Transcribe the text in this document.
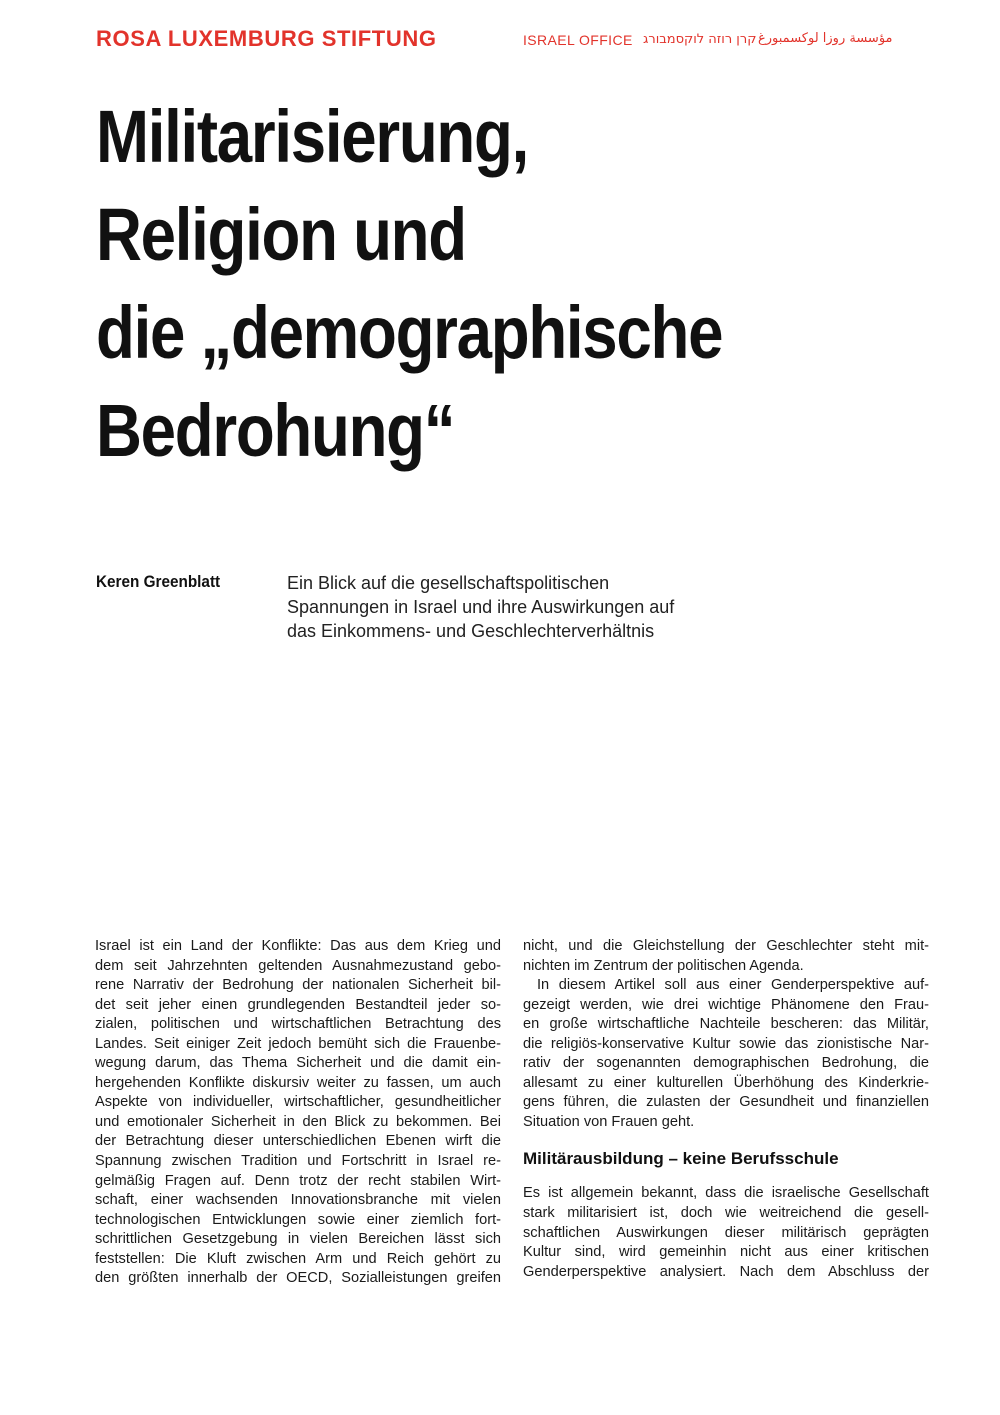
ROSA LUXEMBURG STIFTUNG	ISRAEL OFFICE קרן רוזה לוקסמבורג مؤسسة روزا لوكسمبورغ
Militarisierung,
Religion und
die „demographische
Bedrohung“
Keren Greenblatt	Ein Blick auf die gesellschaftspolitischen
Spannungen in Israel und ihre Auswirkungen auf
das Einkommens- und Geschlechterverhältnis
Israel ist ein Land der Konflikte: Das aus dem Krieg und
dem seit Jahrzehnten geltenden Ausnahmezustand gebo-
rene Narrativ der Bedrohung der nationalen Sicherheit bil-
det seit jeher einen grundlegenden Bestandteil jeder so-
zialen, politischen und wirtschaftlichen Betrachtung des
Landes. Seit einiger Zeit jedoch bemüht sich die Frauenbe-
wegung darum, das Thema Sicherheit und die damit ein-
hergehenden Konflikte diskursiv weiter zu fassen, um auch
Aspekte von individueller, wirtschaftlicher, gesundheitlicher
und emotionaler Sicherheit in den Blick zu bekommen. Bei
der Betrachtung dieser unterschiedlichen Ebenen wirft die
Spannung zwischen Tradition und Fortschritt in Israel re-
gelmäßig Fragen auf. Denn trotz der recht stabilen Wirt-
schaft, einer wachsenden Innovationsbranche mit vielen
technologischen Entwicklungen sowie einer ziemlich fort-
schrittlichen Gesetzgebung in vielen Bereichen lässt sich
feststellen: Die Kluft zwischen Arm und Reich gehört zu
den größten innerhalb der OECD, Sozialleistungen greifen
nicht, und die Gleichstellung der Geschlechter steht mit-
nichten im Zentrum der politischen Agenda.
In diesem Artikel soll aus einer Genderperspektive auf-
gezeigt werden, wie drei wichtige Phänomene den Frau-
en große wirtschaftliche Nachteile bescheren: das Militär,
die religiös-konservative Kultur sowie das zionistische Nar-
rativ der sogenannten demographischen Bedrohung, die
allesamt zu einer kulturellen Überhöhung des Kinderkrie-
gens führen, die zulasten der Gesundheit und finanziellen
Situation von Frauen geht.
Militärausbildung – keine Berufsschule
Es ist allgemein bekannt, dass die israelische Gesellschaft
stark militarisiert ist, doch wie weitreichend die gesell-
schaftlichen Auswirkungen dieser militärisch geprägten
Kultur sind, wird gemeinhin nicht aus einer kritischen
Genderperspektive analysiert. Nach dem Abschluss der
